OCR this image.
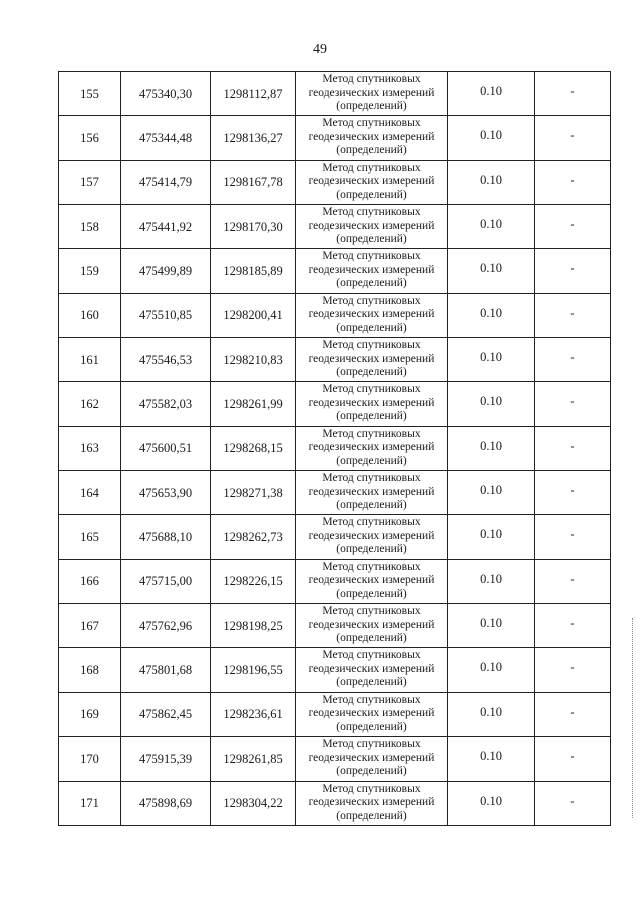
49
155	475340,30	1298112,87	Метод спутниковых
геодезических измерений
(определений)	0.10	-
156	475344,48	1298136,27	Метод спутниковых
геодезических измерений
(определений)	0.10	-
157	475414,79	1298167,78	Метод спутниковых
геодезических измерений
(определений)	0.10	-
158	475441,92	1298170,30	Метод спутниковых
геодезических измерений
(определений)	0.10	-
159	475499,89	1298185,89	Метод спутниковых
геодезических измерений
(определений)	0.10	-
160	475510,85	1298200,41	Метод спутниковых
геодезических измерений
(определений)	0.10	-
161	475546,53	1298210,83	Метод спутниковых
геодезических измерений
(определений)	0.10	-
162	475582,03	1298261,99	Метод спутниковых
геодезических измерений
(определений)	0.10	-
163	475600,51	1298268,15	Метод спутниковых
геодезических измерений
(определений)	0.10	-
164	475653,90	1298271,38	Метод спутниковых
геодезических измерений
(определений)	0.10	-
165	475688,10	1298262,73	Метод спутниковых
геодезических измерений
(определений)	0.10	-
166	475715,00	1298226,15	Метод спутниковых
геодезических измерений
(определений)	0.10	-
167	475762,96	1298198,25	Метод спутниковых
геодезических измерений
(определений)	0.10	-
168	475801,68	1298196,55	Метод спутниковых
геодезических измерений
(определений)	0.10	-
169	475862,45	1298236,61	Метод спутниковых
геодезических измерений
(определений)	0.10	-
170	475915,39	1298261,85	Метод спутниковых
геодезических измерений
(определений)	0.10	-
171	475898,69	1298304,22	Метод спутниковых
геодезических измерений
(определений)	0.10	-
